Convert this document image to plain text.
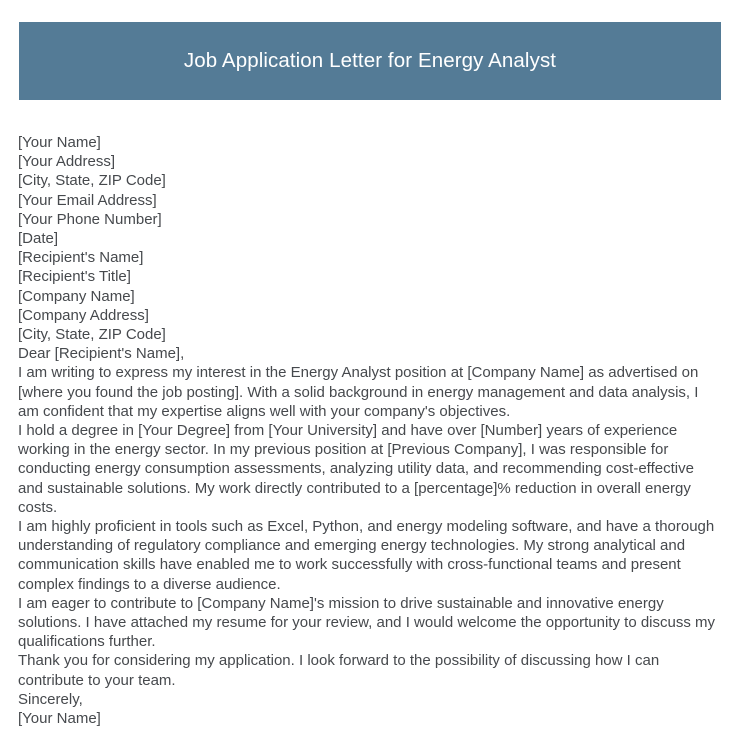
Job Application Letter for Energy Analyst
[Your Name]
[Your Address]
[City, State, ZIP Code]
[Your Email Address]
[Your Phone Number]
[Date]
[Recipient's Name]
[Recipient's Title]
[Company Name]
[Company Address]
[City, State, ZIP Code]
Dear [Recipient's Name],

I am writing to express my interest in the Energy Analyst position at [Company Name] as advertised on [where you found the job posting]. With a solid background in energy management and data analysis, I am confident that my expertise aligns well with your company's objectives.

I hold a degree in [Your Degree] from [Your University] and have over [Number] years of experience working in the energy sector. In my previous position at [Previous Company], I was responsible for conducting energy consumption assessments, analyzing utility data, and recommending cost-effective and sustainable solutions. My work directly contributed to a [percentage]% reduction in overall energy costs.

I am highly proficient in tools such as Excel, Python, and energy modeling software, and have a thorough understanding of regulatory compliance and emerging energy technologies. My strong analytical and communication skills have enabled me to work successfully with cross-functional teams and present complex findings to a diverse audience.

I am eager to contribute to [Company Name]'s mission to drive sustainable and innovative energy solutions. I have attached my resume for your review, and I would welcome the opportunity to discuss my qualifications further.

Thank you for considering my application. I look forward to the possibility of discussing how I can contribute to your team.

Sincerely,
[Your Name]
